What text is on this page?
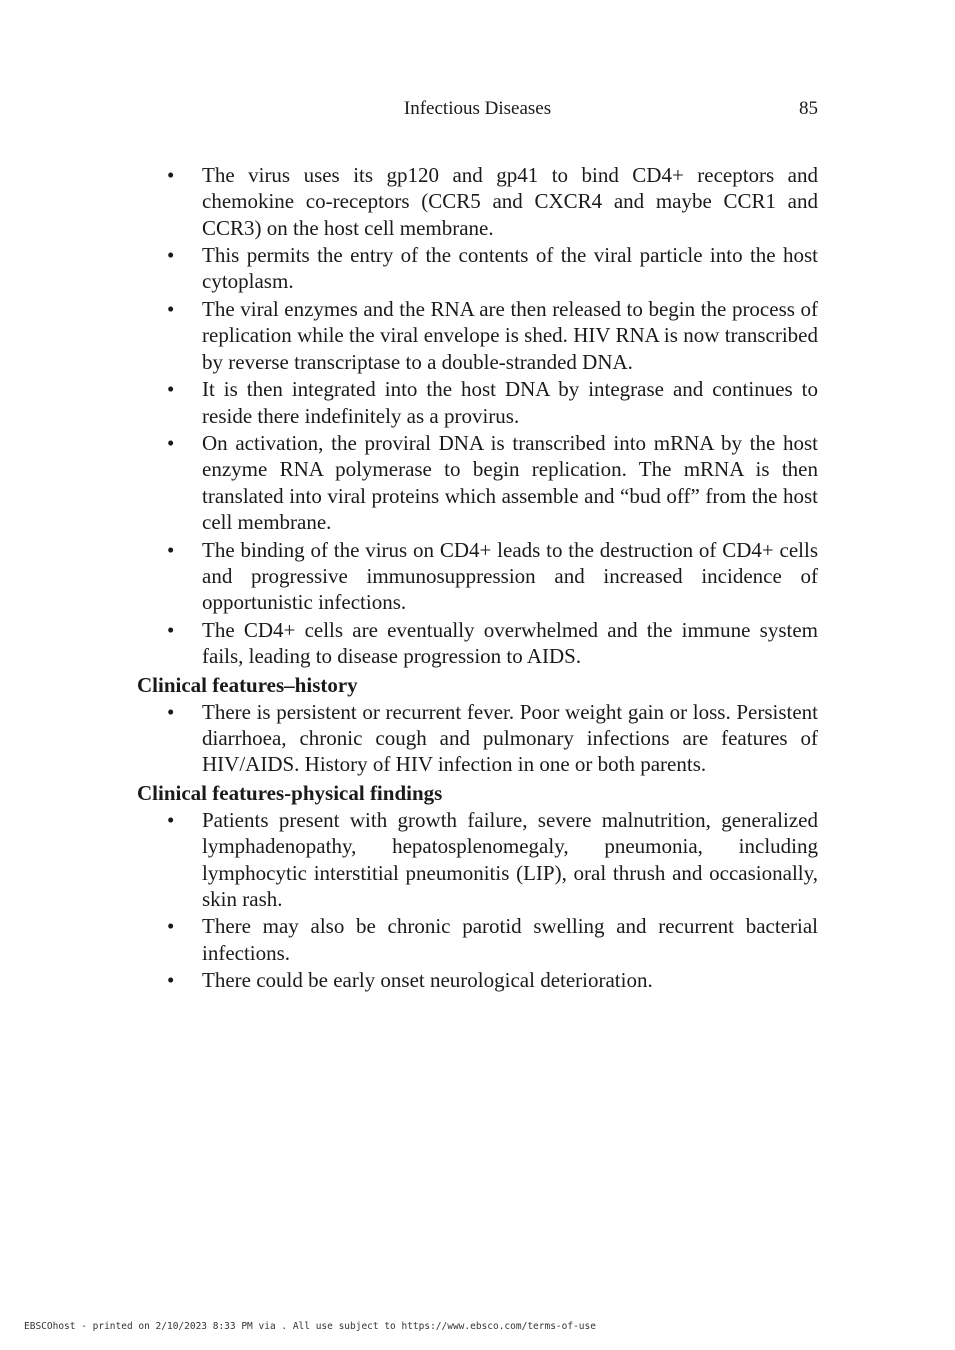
Infectious Diseases	85
• The virus uses its gp120 and gp41 to bind CD4+ receptors and chemokine co-receptors (CCR5 and CXCR4 and maybe CCR1 and CCR3) on the host cell membrane.
• This permits the entry of the contents of the viral particle into the host cytoplasm.
• The viral enzymes and the RNA are then released to begin the process of replication while the viral envelope is shed. HIV RNA is now transcribed by reverse transcriptase to a double-stranded DNA.
• It is then integrated into the host DNA by integrase and continues to reside there indefinitely as a provirus.
• On activation, the proviral DNA is transcribed into mRNA by the host enzyme RNA polymerase to begin replication. The mRNA is then translated into viral proteins which assemble and “bud off” from the host cell membrane.
• The binding of the virus on CD4+ leads to the destruction of CD4+ cells and progressive immunosuppression and increased incidence of opportunistic infections.
• The CD4+ cells are eventually overwhelmed and the immune system fails, leading to disease progression to AIDS.
Clinical features–history
• There is persistent or recurrent fever. Poor weight gain or loss. Persistent diarrhoea, chronic cough and pulmonary infections are features of HIV/AIDS. History of HIV infection in one or both parents.
Clinical features-physical findings
• Patients present with growth failure, severe malnutrition, generalized lymphadenopathy, hepatosplenomegaly, pneumonia, including lymphocytic interstitial pneumonitis (LIP), oral thrush and occasionally, skin rash.
• There may also be chronic parotid swelling and recurrent bacterial infections.
• There could be early onset neurological deterioration.
EBSCOhost - printed on 2/10/2023 8:33 PM via . All use subject to https://www.ebsco.com/terms-of-use
